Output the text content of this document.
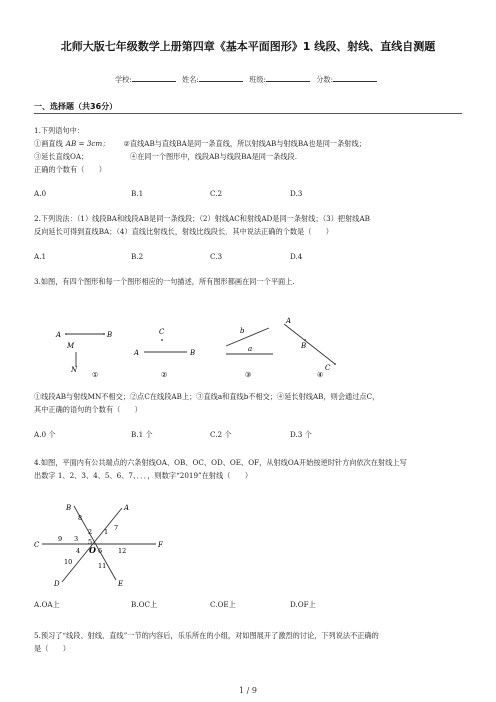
北师大版七年级数学上册第四章《基本平面图形》1 线段、射线、直线自测题
学校:	姓名:	班级:	分数:
一、选择题（共36分）
1.下列语句中：
①画直线 AB = 3cm； ②直线AB与直线BA是同一条直线，所以射线AB与射线BA也是同一条射线；
③延长直线OA；	④在同一个图形中，线段AB与线段BA是同一条线段.
正确的个数有（　　）
A.0	B.1	C.2	D.3
2.下列说法：（1）线段BA和线段AB是同一条线段；（2）射线AC和射线AD是同一条射线；（3）把射线AB
反向延长可得到直线BA；（4）直线比射线长，射线比线段长．其中说法正确的个数是（　　）
A.1	B.2	C.3	D.4
3.如图，有四个图形和每一个图形相应的一句描述，所有图形都画在同一个平面上.
A	B
M
N
①
C
A	B
②
b
a
③
A
B
C
④
①线段AB与射线MN不相交；②点C在线段AB上；③直线a和直线b不相交；④延长射线AB，则会通过点C，
其中正确的语句的个数有（　　）
A.0 个	B.1 个	C.2 个	D.3 个
4.如图，平面内有公共端点的六条射线OA、OB、OC、OD、OE、OF，从射线OA开始按逆时针方向依次在射线上写
出数字 1、2、3、4、5、6、7、．．．，则数字“2019”在射线（　　）
A
B
C
D	E
F
O
1
2
3
4	6
7
8
9
10	11
12
5
A.OA上	B.OC上	C.OE上	D.OF上
5.预习了“线段、射线、直线”一节的内容后，乐乐所在的小组，对如图展开了激烈的讨论，下列说法不正确的
是（　　）
1 / 9
